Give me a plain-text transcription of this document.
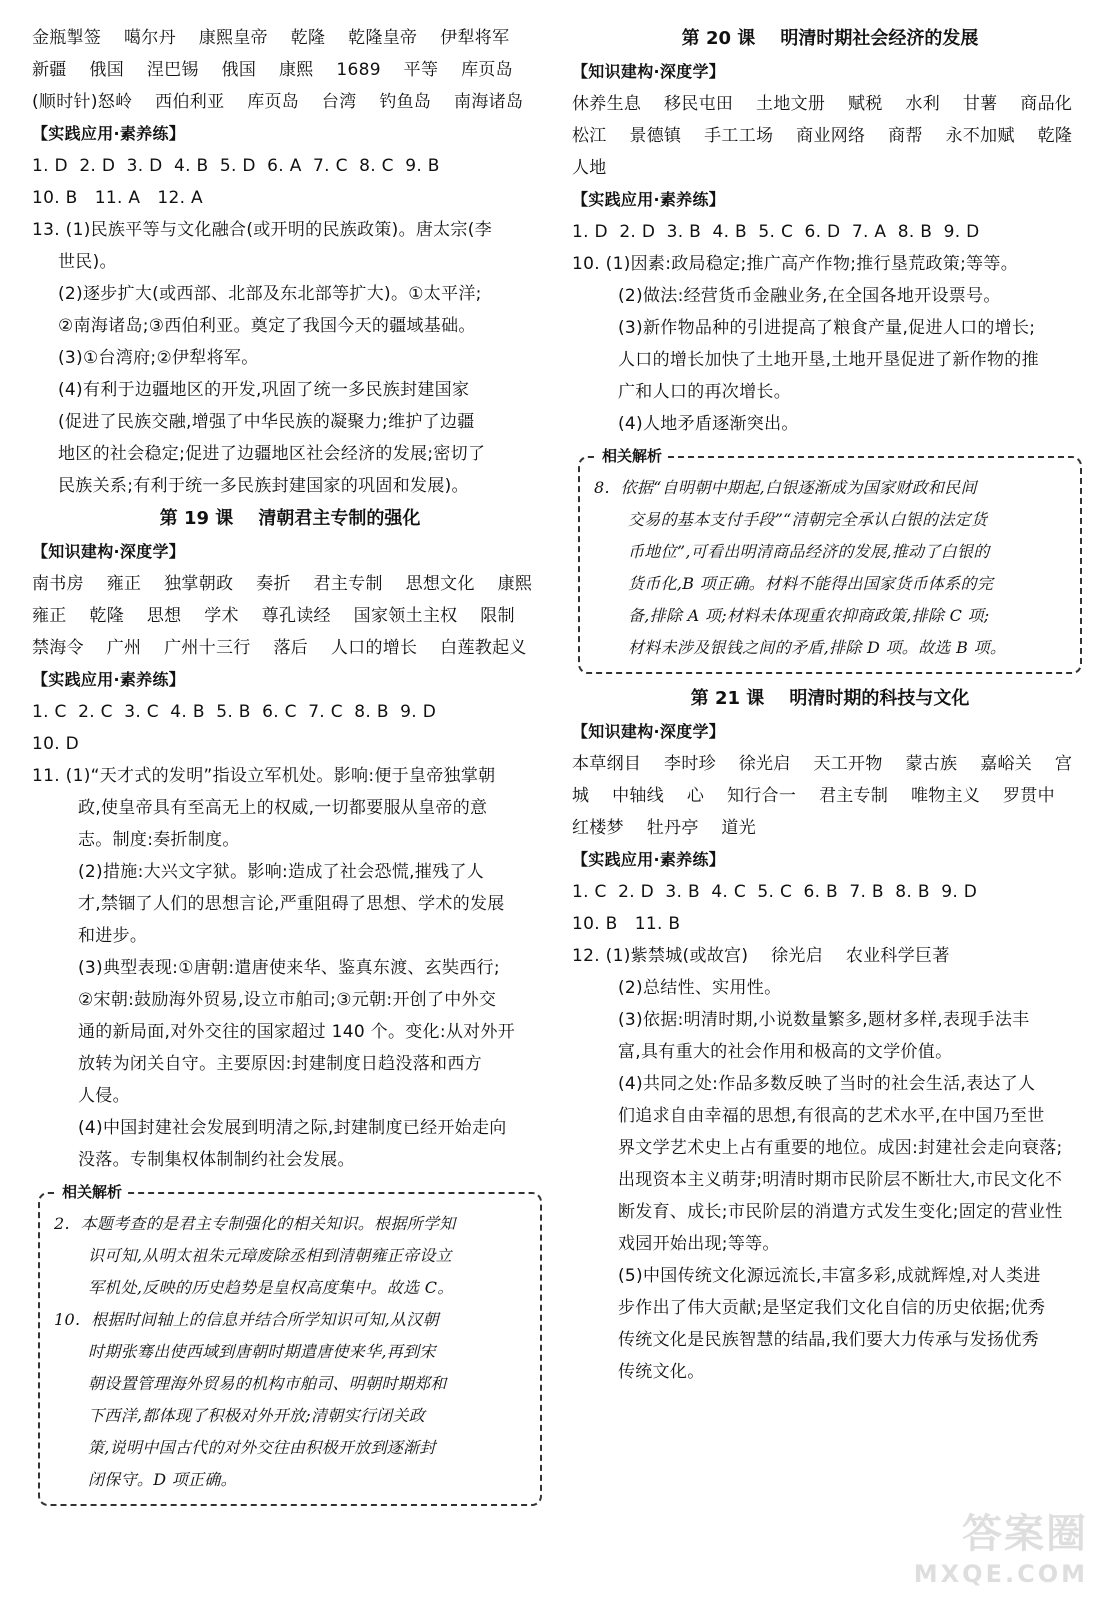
金瓶掣签    噶尔丹    康熙皇帝    乾隆    乾隆皇帝    伊犁将军
新疆    俄国    涅巴锡    俄国    康熙    1689    平等    库页岛
(顺时针)怒岭    西伯利亚    库页岛    台湾    钓鱼岛    南海诸岛
【实践应用·素养练】
1. D  2. D  3. D  4. B  5. D  6. A  7. C  8. C  9. B
10. B   11. A   12. A
13. (1)民族平等与文化融合(或开明的民族政策)。唐太宗(李
世民)。
(2)逐步扩大(或西部、北部及东北部等扩大)。①太平洋;
②南海诸岛;③西伯利亚。奠定了我国今天的疆域基础。
(3)①台湾府;②伊犁将军。
(4)有利于边疆地区的开发,巩固了统一多民族封建国家
(促进了民族交融,增强了中华民族的凝聚力;维护了边疆
地区的社会稳定;促进了边疆地区社会经济的发展;密切了
民族关系;有利于统一多民族封建国家的巩固和发展)。
第 19 课    清朝君主专制的强化
【知识建构·深度学】
南书房    雍正    独掌朝政    奏折    君主专制    思想文化    康熙
雍正    乾隆    思想    学术    尊孔读经    国家领土主权    限制
禁海令    广州    广州十三行    落后    人口的增长    白莲教起义
【实践应用·素养练】
1. C  2. C  3. C  4. B  5. B  6. C  7. C  8. B  9. D
10. D
11. (1)“天才式的发明”指设立军机处。影响:便于皇帝独掌朝
政,使皇帝具有至高无上的权威,一切都要服从皇帝的意
志。制度:奏折制度。
(2)措施:大兴文字狱。影响:造成了社会恐慌,摧残了人
才,禁锢了人们的思想言论,严重阻碍了思想、学术的发展
和进步。
(3)典型表现:①唐朝:遣唐使来华、鉴真东渡、玄奘西行;
②宋朝:鼓励海外贸易,设立市舶司;③元朝:开创了中外交
通的新局面,对外交往的国家超过 140 个。变化:从对外开
放转为闭关自守。主要原因:封建制度日趋没落和西方
人侵。
(4)中国封建社会发展到明清之际,封建制度已经开始走向
没落。专制集权体制制约社会发展。
相关解析
2.  本题考查的是君主专制强化的相关知识。根据所学知
识可知,从明太祖朱元璋废除丞相到清朝雍正帝设立
军机处,反映的历史趋势是皇权高度集中。故选 C。
10.  根据时间轴上的信息并结合所学知识可知,从汉朝
时期张骞出使西域到唐朝时期遣唐使来华,再到宋
朝设置管理海外贸易的机构市舶司、明朝时期郑和
下西洋,都体现了积极对外开放;清朝实行闭关政
策,说明中国古代的对外交往由积极开放到逐渐封
闭保守。D 项正确。
第 20 课    明清时期社会经济的发展
【知识建构·深度学】
休养生息    移民屯田    土地文册    赋税    水利    甘薯    商品化
松江    景德镇    手工工场    商业网络    商帮    永不加赋    乾隆
人地
【实践应用·素养练】
1. D  2. D  3. B  4. B  5. C  6. D  7. A  8. B  9. D
10. (1)因素:政局稳定;推广高产作物;推行垦荒政策;等等。
(2)做法:经营货币金融业务,在全国各地开设票号。
(3)新作物品种的引进提高了粮食产量,促进人口的增长;
人口的增长加快了土地开垦,土地开垦促进了新作物的推
广和人口的再次增长。
(4)人地矛盾逐渐突出。
相关解析
8.  依据“自明朝中期起,白银逐渐成为国家财政和民间
交易的基本支付手段”“清朝完全承认白银的法定货
币地位”,可看出明清商品经济的发展,推动了白银的
货币化,B 项正确。材料不能得出国家货币体系的完
备,排除 A 项;材料未体现重农抑商政策,排除 C 项;
材料未涉及银钱之间的矛盾,排除 D 项。故选 B 项。
第 21 课    明清时期的科技与文化
【知识建构·深度学】
本草纲目    李时珍    徐光启    天工开物    蒙古族    嘉峪关    宫
城    中轴线    心    知行合一    君主专制    唯物主义    罗贯中
红楼梦    牡丹亭    道光
【实践应用·素养练】
1. C  2. D  3. B  4. C  5. C  6. B  7. B  8. B  9. D
10. B   11. B
12. (1)紫禁城(或故宫)    徐光启    农业科学巨著
(2)总结性、实用性。
(3)依据:明清时期,小说数量繁多,题材多样,表现手法丰
富,具有重大的社会作用和极高的文学价值。
(4)共同之处:作品多数反映了当时的社会生活,表达了人
们追求自由幸福的思想,有很高的艺术水平,在中国乃至世
界文学艺术史上占有重要的地位。成因:封建社会走向衰落;
出现资本主义萌芽;明清时期市民阶层不断壮大,市民文化不
断发育、成长;市民阶层的消遣方式发生变化;固定的营业性
戏园开始出现;等等。
(5)中国传统文化源远流长,丰富多彩,成就辉煌,对人类进
步作出了伟大贡献;是坚定我们文化自信的历史依据;优秀
传统文化是民族智慧的结晶,我们要大力传承与发扬优秀
传统文化。
答案圈
MXQE.COM
